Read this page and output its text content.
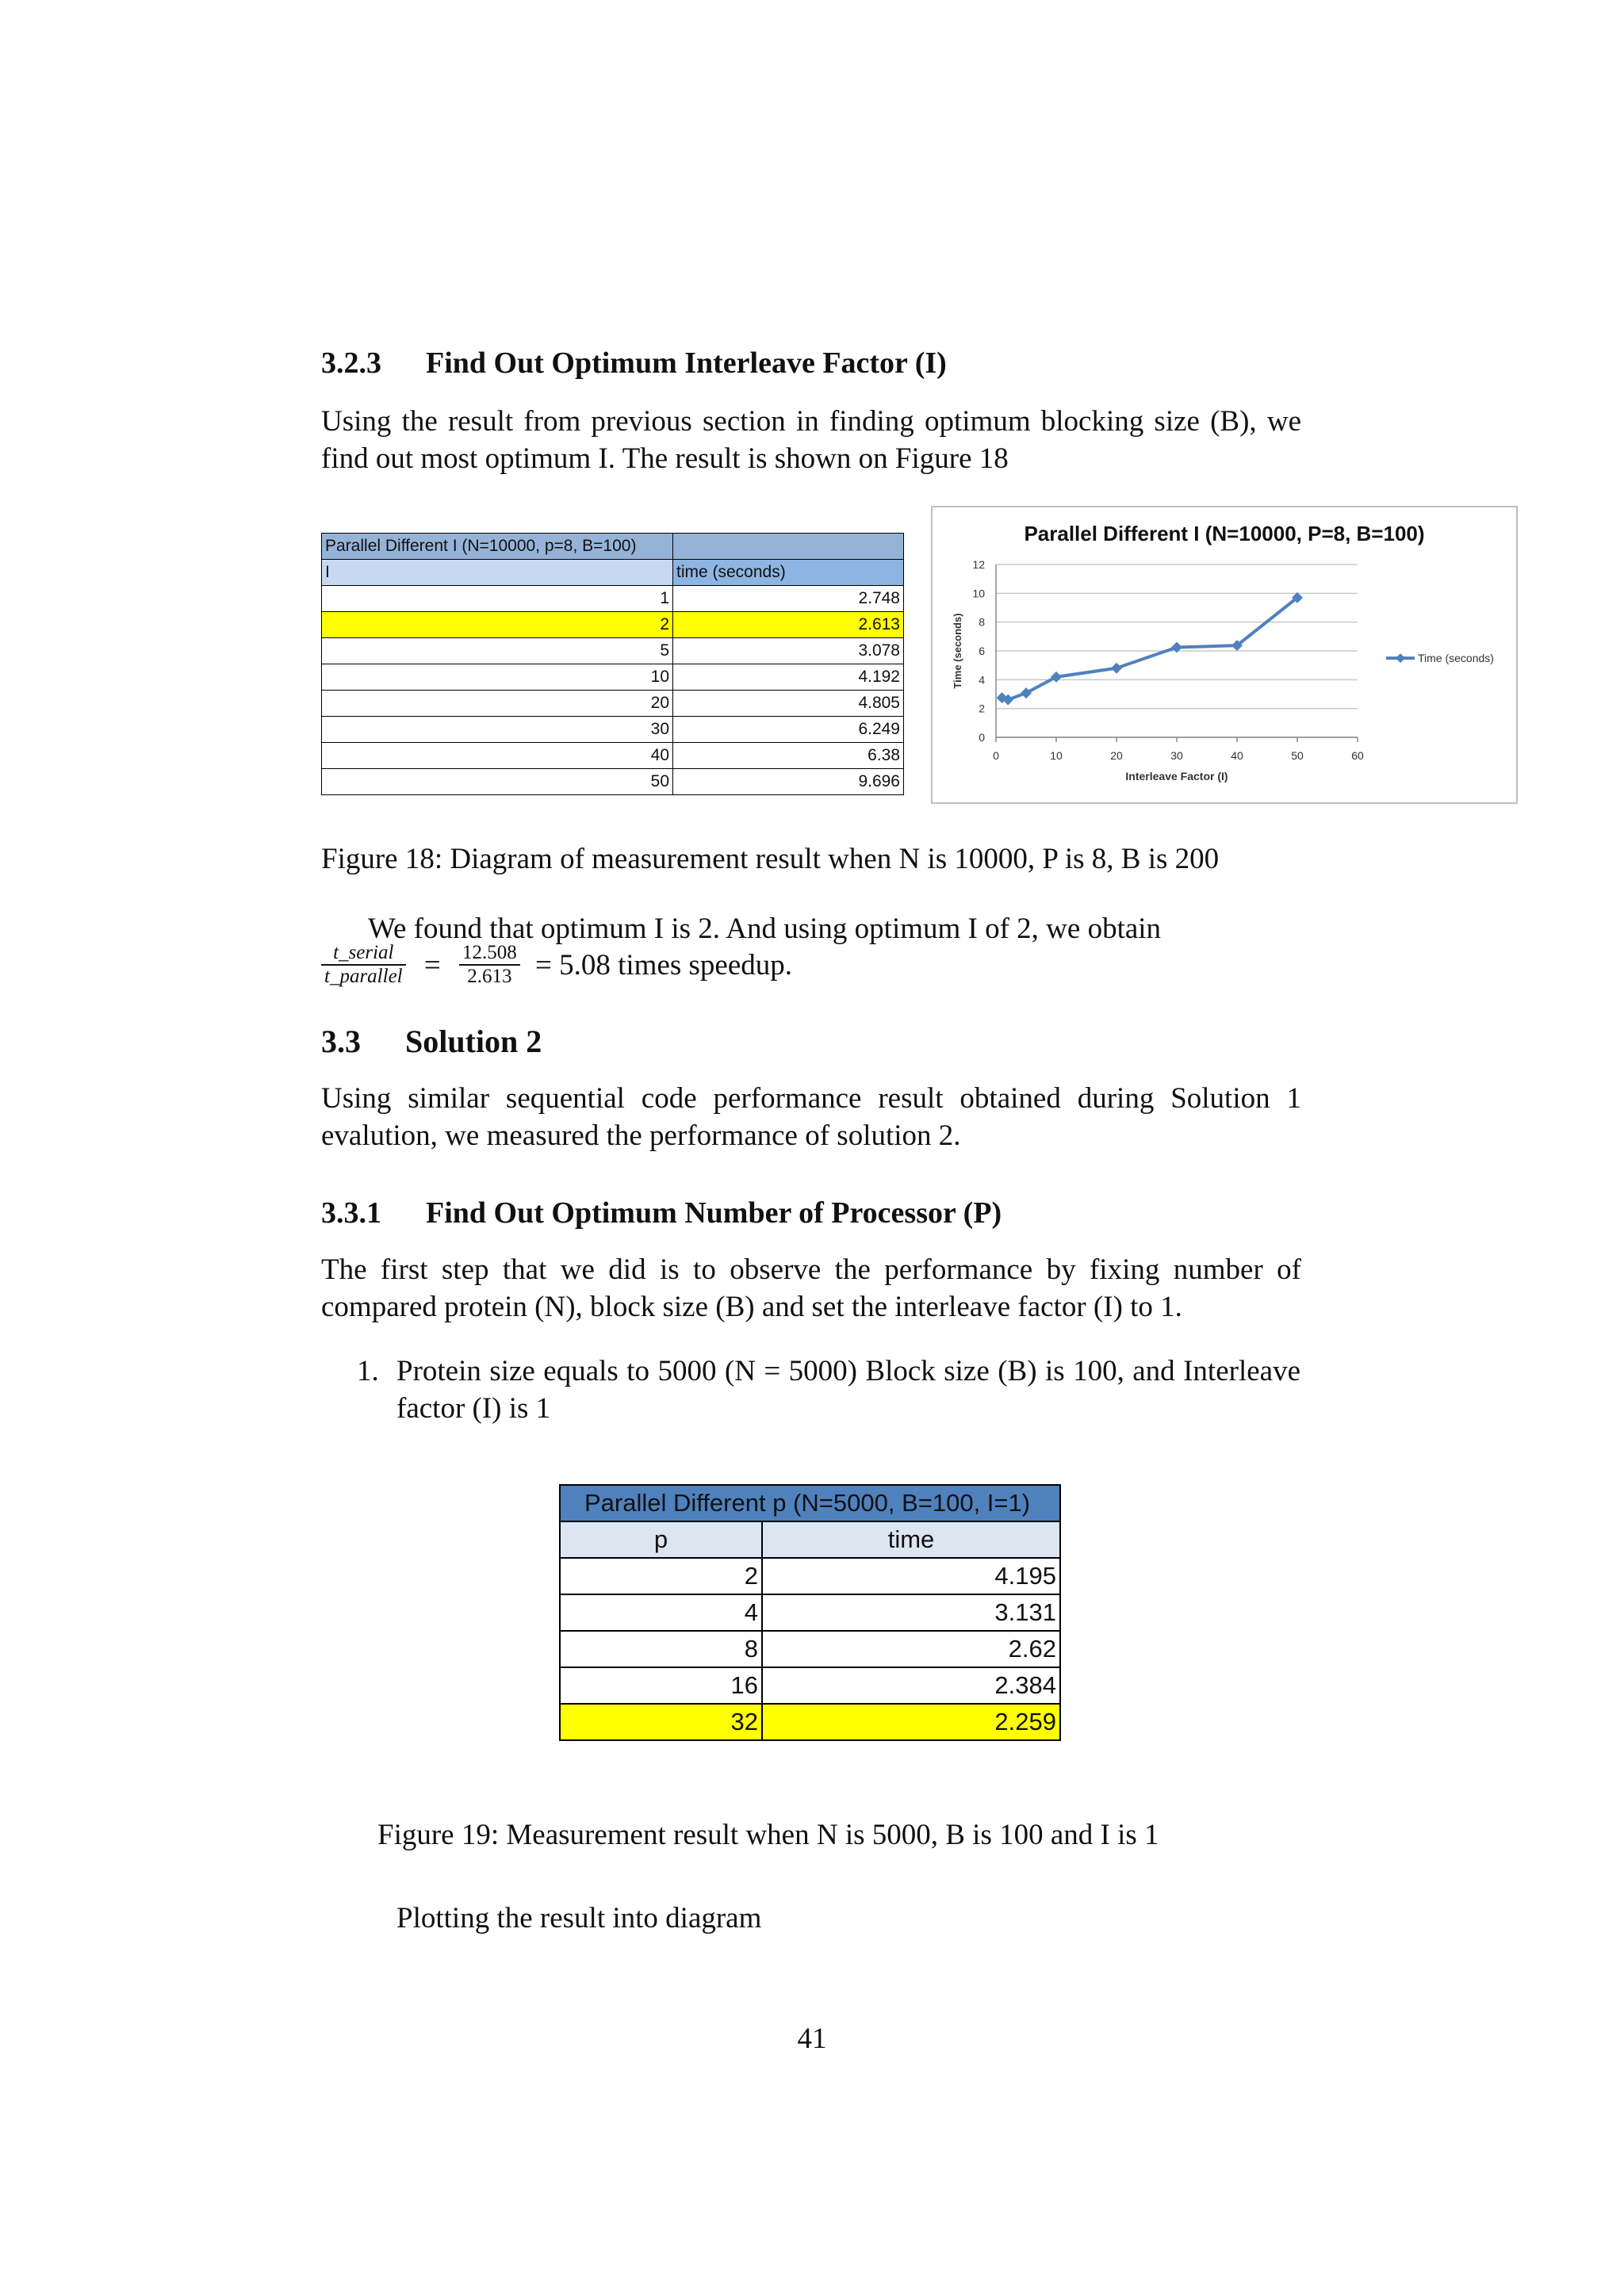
3.2.3 Find Out Optimum Interleave Factor (I)

Using the result from previous section in finding optimum blocking size (B), we find out most optimum I. The result is shown on Figure 18

Parallel Different I (N=10000, p=8, B=100)	
I	time (seconds)
1	2.748
2	2.613
5	3.078
10	4.192
20	4.805
30	6.249
40	6.38
50	9.696
Parallel Different I (N=10000, P=8, B=100)
0
2
4
6
8
10
12
0	10	20	30	40	50	60
Interleave Factor (I)
Time (seconds)	Time (seconds)

Figure 18: Diagram of measurement result when N is 10000, P is 8, B is 200

We found that optimum I is 2. And using optimum I of 2, we obtain

$\frac{\text{t\_serial}}{\text{t\_parallel}} = \frac{12.508}{2.613} = 5.08$ times speedup.
3.3 Solution 2

Using similar sequential code performance result obtained during Solution 1 evalution, we measured the performance of solution 2.

3.3.1 Find Out Optimum Number of Processor (P)

The first step that we did is to observe the performance by fixing number of compared protein (N), block size (B) and set the interleave factor (I) to 1.

1. Protein size equals to 5000 (N = 5000) Block size (B) is 100, and Interleave factor (I) is 1

Parallel Different p (N=5000, B=100, I=1)	
p	time
2	4.195
4	3.131
8	2.62
16	2.384
32	2.259

Figure 19: Measurement result when N is 5000, B is 100 and I is 1

Plotting the result into diagram

41
